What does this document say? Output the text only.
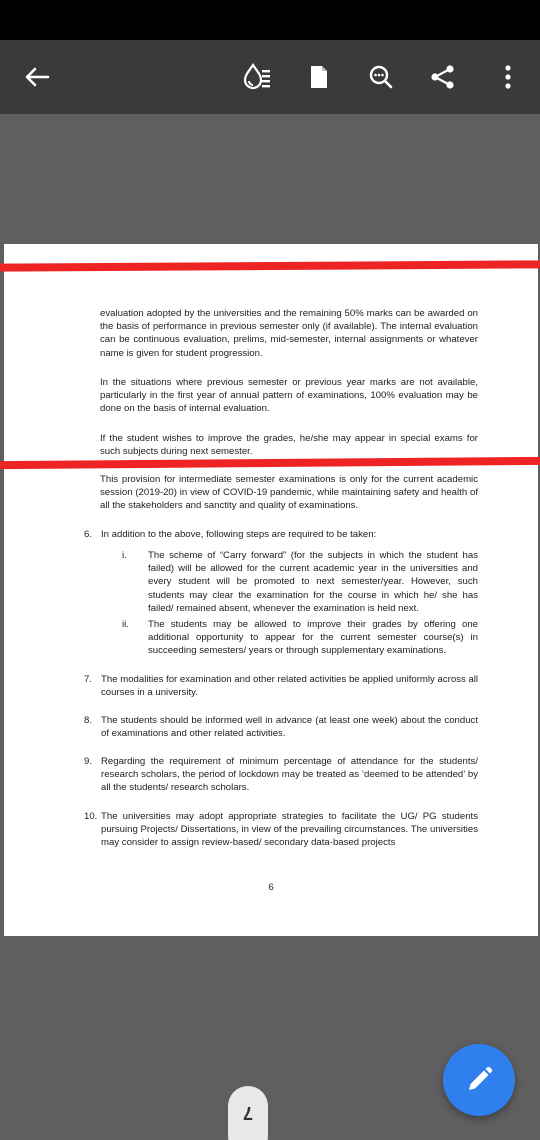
evaluation adopted by the universities and the remaining 50% marks can be awarded on the basis of performance in previous semester only (if available). The internal evaluation can be continuous evaluation, prelims, mid-semester, internal assignments or whatever name is given for student progression.
In the situations where previous semester or previous year marks are not available, particularly in the first year of annual pattern of examinations, 100% evaluation may be done on the basis of internal evaluation.
If the student wishes to improve the grades, he/she may appear in special exams for such subjects during next semester.
This provision for intermediate semester examinations is only for the current academic session (2019-20) in view of COVID-19 pandemic, while maintaining safety and health of all the stakeholders and sanctity and quality of examinations.
6. In addition to the above, following steps are required to be taken:
i. The scheme of “Carry forward” (for the subjects in which the student has failed) will be allowed for the current academic year in the universities and every student will be promoted to next semester/year. However, such students may clear the examination for the course in which he/ she has failed/ remained absent, whenever the examination is held next.
ii. The students may be allowed to improve their grades by offering one additional opportunity to appear for the current semester course(s) in succeeding semesters/ years or through supplementary examinations.
7. The modalities for examination and other related activities be applied uniformly across all courses in a university.
8. The students should be informed well in advance (at least one week) about the conduct of examinations and other related activities.
9. Regarding the requirement of minimum percentage of attendance for the students/ research scholars, the period of lockdown may be treated as ‘deemed to be attended’ by all the students/ research scholars.
10. The universities may adopt appropriate strategies to facilitate the UG/ PG students pursuing Projects/ Dissertations, in view of the prevailing circumstances. The universities may consider to assign review-based/ secondary data-based projects
6
7
